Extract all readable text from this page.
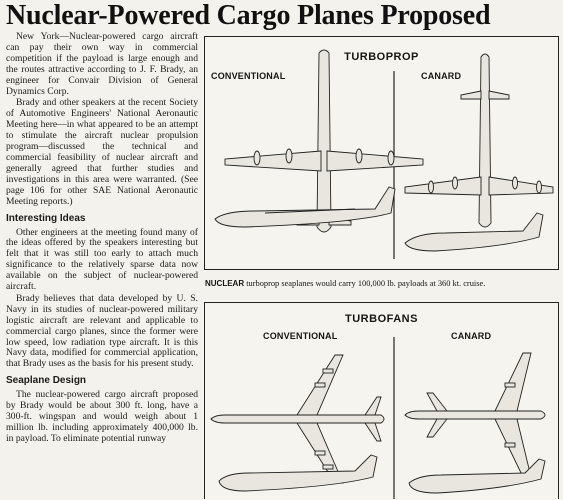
Nuclear-Powered Cargo Planes Proposed

New York—Nuclear-powered cargo aircraft can pay their own way in commercial competition if the payload is large enough and the routes attractive according to J. F. Brady, an engineer for Convair Division of General Dynamics Corp.

Brady and other speakers at the recent Society of Automotive Engineers' National Aeronautic Meeting here—in what appeared to be an attempt to stimulate the aircraft nuclear propulsion program—discussed the technical and commercial feasibility of nuclear aircraft and generally agreed that further studies and investigations in this area were warranted. (See page 106 for other SAE National Aeronautic Meeting reports.)

Interesting Ideas

Other engineers at the meeting found many of the ideas offered by the speakers interesting but felt that it was still too early to attach much significance to the relatively sparse data now available on the subject of nuclear-powered aircraft.

Brady believes that data developed by U. S. Navy in its studies of nuclear-powered military logistic aircraft are relevant and applicable to commercial cargo planes, since the former were low speed, low radiation type aircraft. It is this Navy data, modified for commercial application, that Brady uses as the basis for his present study.

Seaplane Design

The nuclear-powered cargo aircraft proposed by Brady would be about 300 ft. long, have a 300-ft. wingspan and would weigh about 1 million lb. including approximately 400,000 lb. in payload. To eliminate potential runway

TURBOPROP
CONVENTIONAL	CANARD
NUCLEAR turboprop seaplanes would carry 100,000 lb. payloads at 360 kt. cruise.
TURBOFANS
CONVENTIONAL	CANARD
